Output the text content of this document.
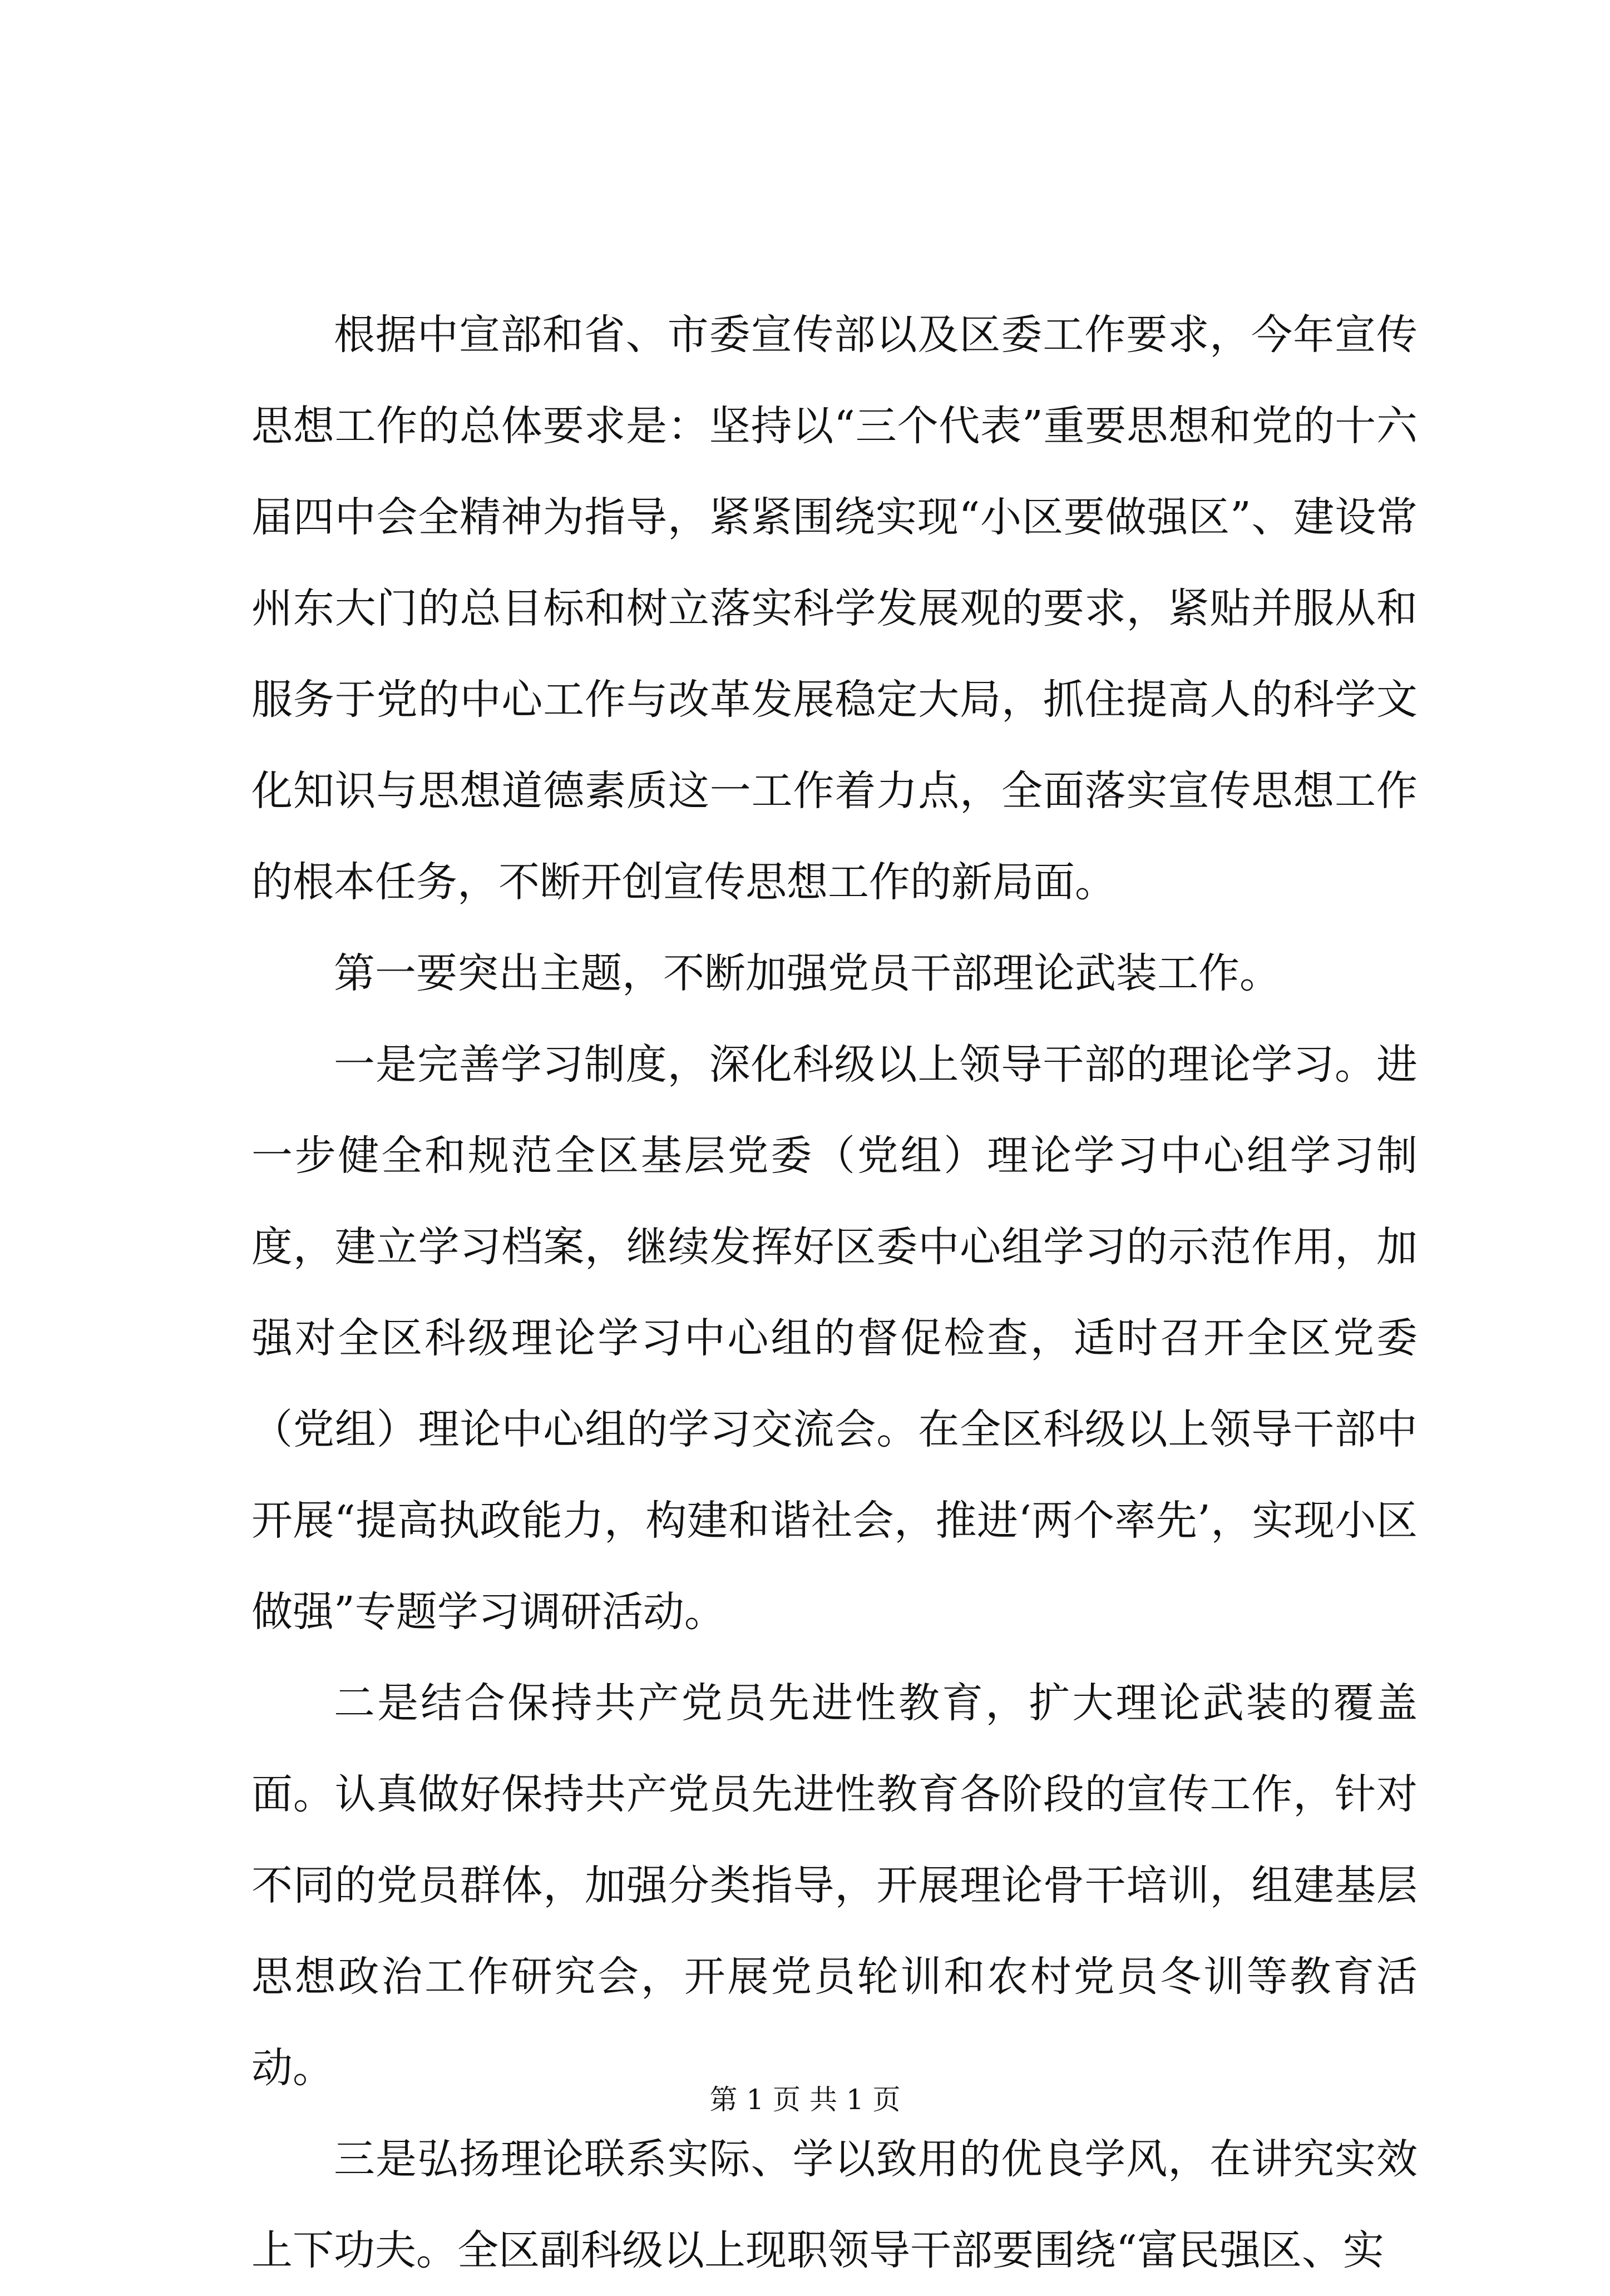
根据中宣部和省、市委宣传部以及区委工作要求，今年宣传思想工作的总体要求是：坚持以“三个代表”重要思想和党的十六届四中会全精神为指导，紧紧围绕实现“小区要做强区”、建设常州东大门的总目标和树立落实科学发展观的要求，紧贴并服从和服务于党的中心工作与改革发展稳定大局，抓住提高人的科学文化知识与思想道德素质这一工作着力点，全面落实宣传思想工作的根本任务，不断开创宣传思想工作的新局面。

第一要突出主题，不断加强党员干部理论武装工作。

一是完善学习制度，深化科级以上领导干部的理论学习。进一步健全和规范全区基层党委（党组）理论学习中心组学习制度，建立学习档案，继续发挥好区委中心组学习的示范作用，加强对全区科级理论学习中心组的督促检查，适时召开全区党委（党组）理论中心组的学习交流会。在全区科级以上领导干部中开展“提高执政能力，构建和谐社会，推进‘两个率先’，实现小区做强”专题学习调研活动。

二是结合保持共产党员先进性教育，扩大理论武装的覆盖面。认真做好保持共产党员先进性教育各阶段的宣传工作，针对不同的党员群体，加强分类指导，开展理论骨干培训，组建基层思想政治工作研究会，开展党员轮训和农村党员冬训等教育活动。

三是弘扬理论联系实际、学以致用的优良学风，在讲究实效上下功夫。全区副科级以上现职领导干部要围绕“富民强区、实

第 1 页 共 1 页
